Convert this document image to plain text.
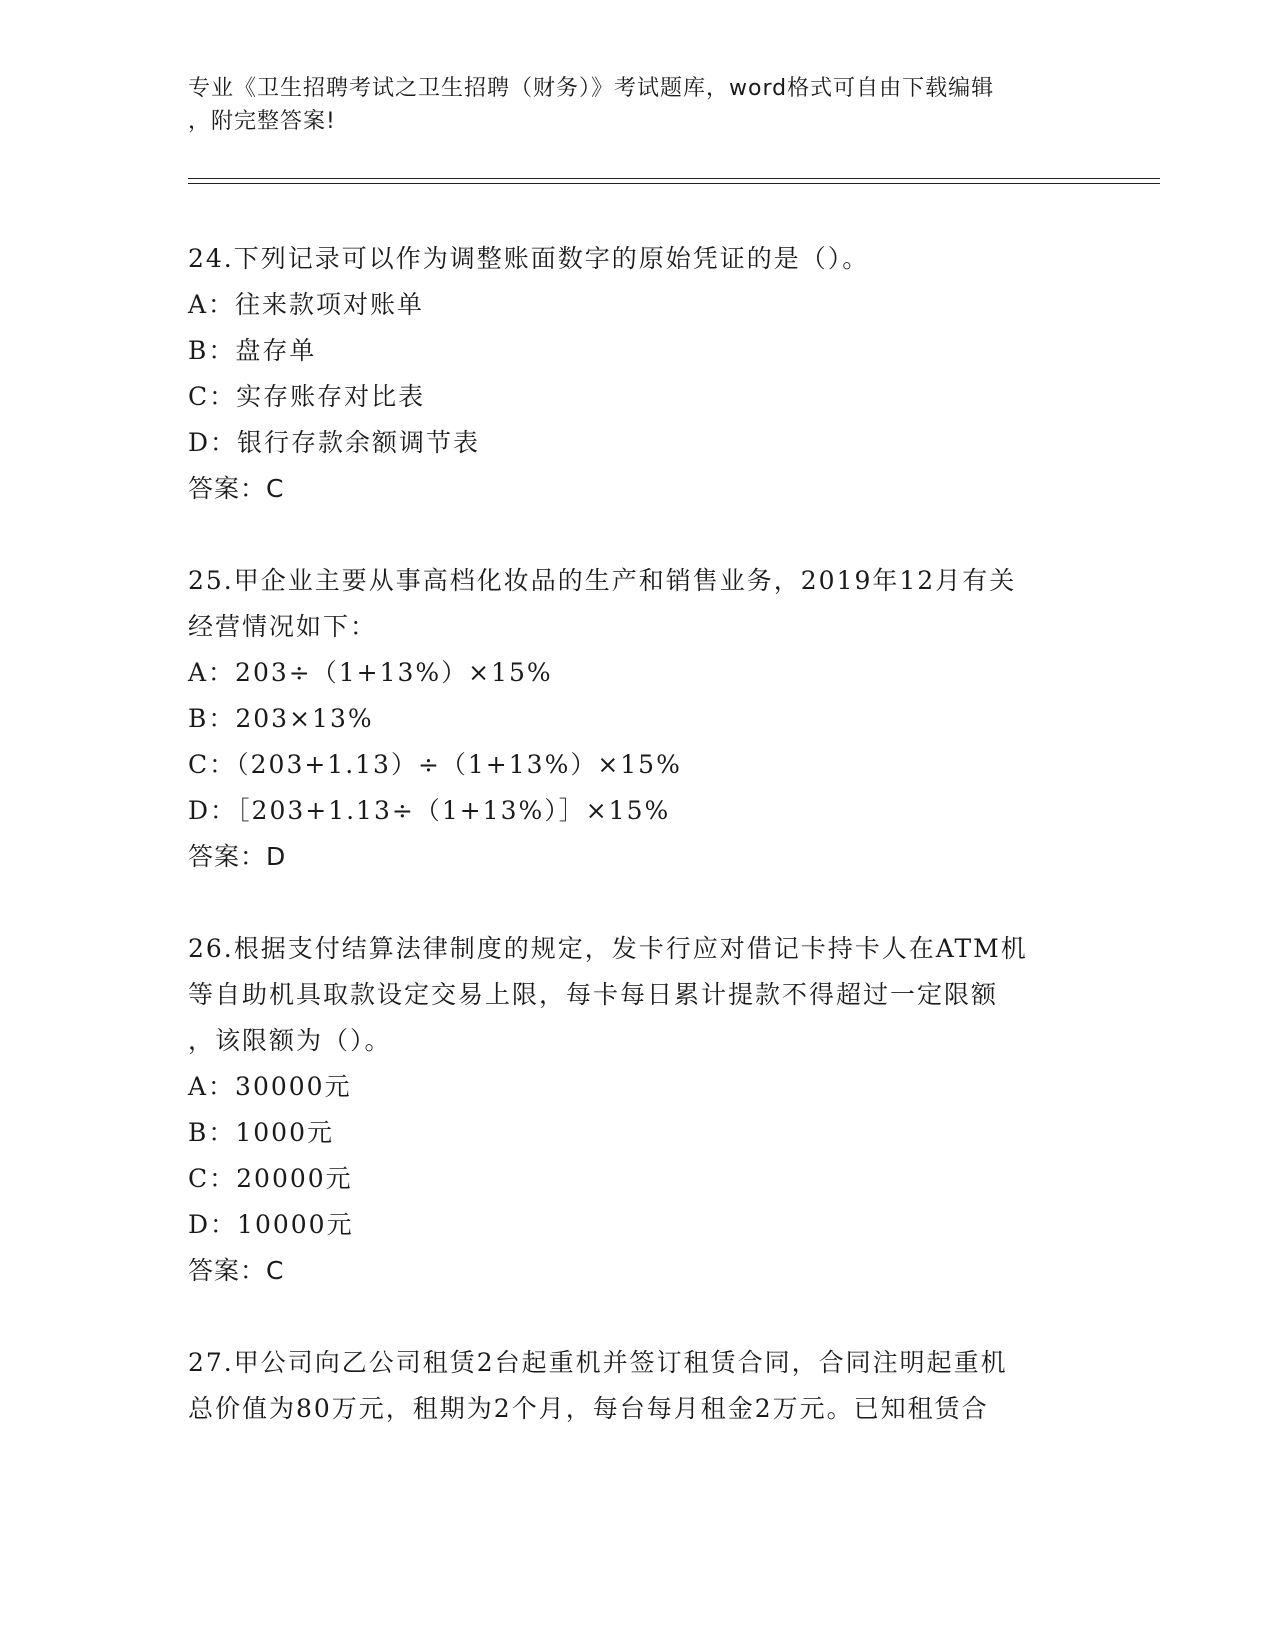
专业《卫生招聘考试之卫生招聘（财务）》考试题库，word格式可自由下载编辑
，附完整答案!
24.下列记录可以作为调整账面数字的原始凭证的是（）。
A：往来款项对账单
B：盘存单
C：实存账存对比表
D：银行存款余额调节表
答案：C
25.甲企业主要从事高档化妆品的生产和销售业务，2019年12月有关
经营情况如下：
A：203÷（1+13%）×15%
B：203×13%
C：（203+1.13）÷（1+13%）×15%
D：［203+1.13÷（1+13%）］×15%
答案：D
26.根据支付结算法律制度的规定，发卡行应对借记卡持卡人在ATM机
等自助机具取款设定交易上限，每卡每日累计提款不得超过一定限额
，该限额为（）。
A：30000元
B：1000元
C：20000元
D：10000元
答案：C
27.甲公司向乙公司租赁2台起重机并签订租赁合同，合同注明起重机
总价值为80万元，租期为2个月，每台每月租金2万元。已知租赁合
